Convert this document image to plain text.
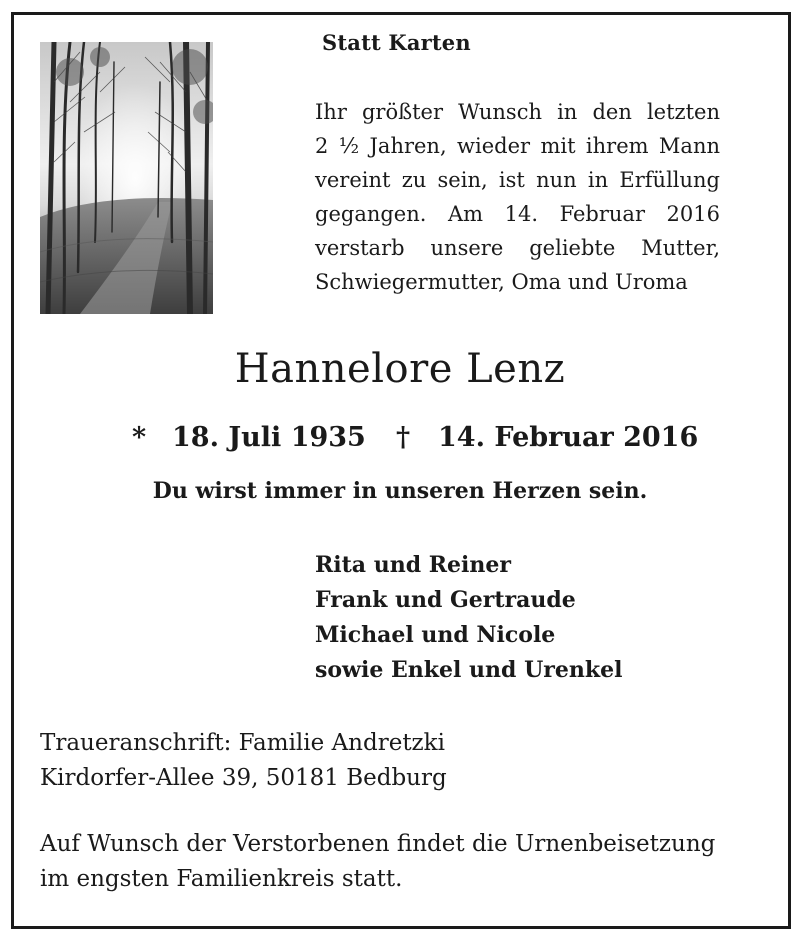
Statt Karten

Ihr größter Wunsch in den letzten
2 ½ Jahren, wieder mit ihrem Mann
vereint zu sein, ist nun in Erfüllung
gegangen. Am 14. Februar 2016
verstarb unsere geliebte Mutter,
Schwiegermutter, Oma und Uroma

Hannelore Lenz
* 18. Juli 1935 † 14. Februar 2016
Du wirst immer in unseren Herzen sein.
Rita und Reiner
Frank und Gertraude
Michael und Nicole
sowie Enkel und Urenkel
Traueranschrift: Familie Andretzki
Kirdorfer-Allee 39, 50181 Bedburg
Auf Wunsch der Verstorbenen findet die Urnenbeisetzung
im engsten Familienkreis statt.
